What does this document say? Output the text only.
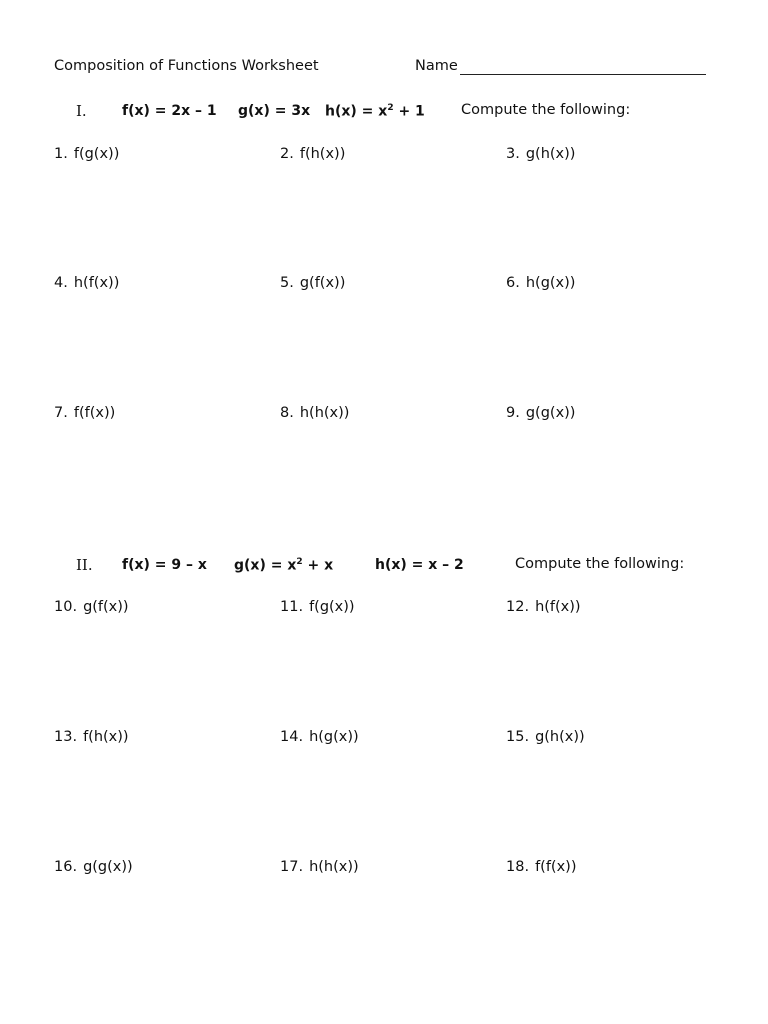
Composition of Functions Worksheet	Name
I.	f(x) = 2x – 1 g(x) = 3x $h(x) = x^2 + 1$ Compute the following:
1. f(g(x))	2. f(h(x))	3. g(h(x))
4. h(f(x))	5. g(f(x))	6. h(g(x))
7. f(f(x))	8. h(h(x))	9. g(g(x))
II. f(x) = 9 – x $g(x) = x^2 + x$	h(x) = x – 2	Compute the following:
10. g(f(x))	11. f(g(x))	12. h(f(x))
13. f(h(x))	14. h(g(x))	15. g(h(x))
16. g(g(x))	17. h(h(x))	18. f(f(x))
